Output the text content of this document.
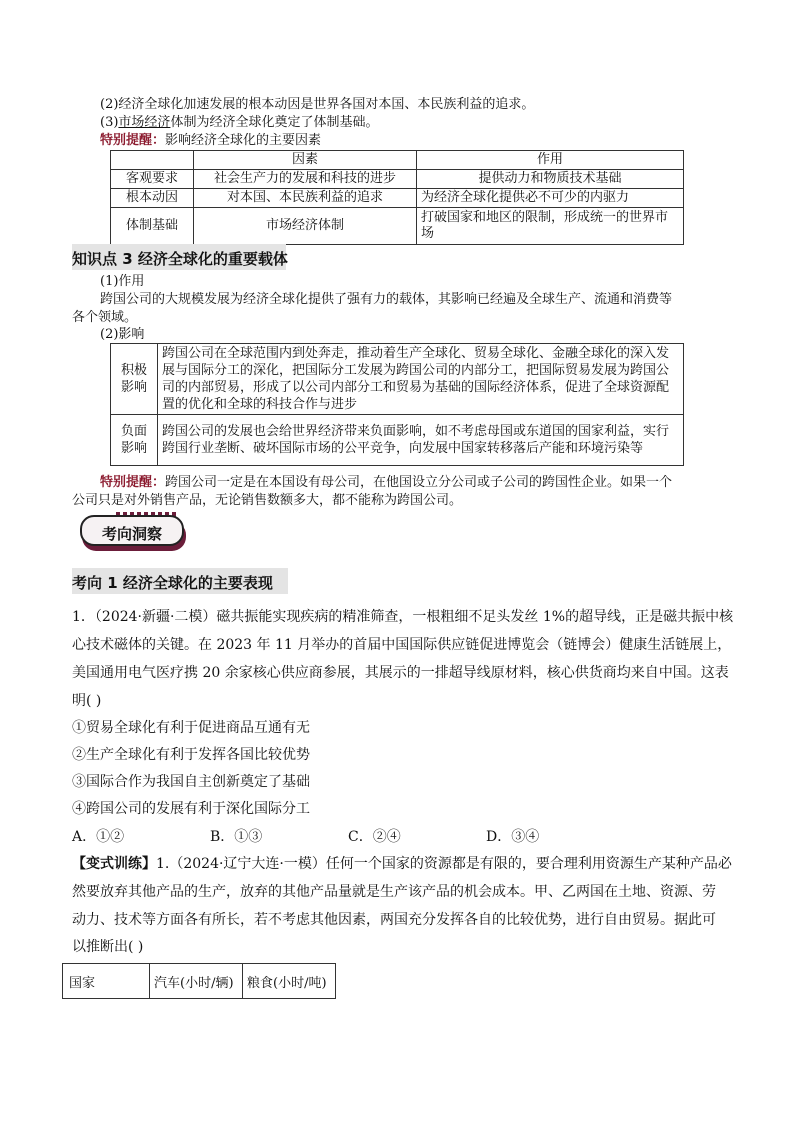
(2)经济全球化加速发展的根本动因是世界各国对本国、本民族利益的追求。
(3)市场经济体制为经济全球化奠定了体制基础。
特别提醒：影响经济全球化的主要因素
	因素	作用
客观要求	社会生产力的发展和科技的进步	提供动力和物质技术基础
根本动因	对本国、本民族利益的追求	为经济全球化提供必不可少的内驱力
体制基础	市场经济体制	打破国家和地区的限制，形成统一的世界市场
知识点 3 经济全球化的重要载体
(1)作用
跨国公司的大规模发展为经济全球化提供了强有力的载体，其影响已经遍及全球生产、流通和消费等
各个领域。
(2)影响
积极影响	跨国公司在全球范围内到处奔走，推动着生产全球化、贸易全球化、金融全球化的深入发展与国际分工的深化，把国际分工发展为跨国公司的内部分工，把国际贸易发展为跨国公司的内部贸易，形成了以公司内部分工和贸易为基础的国际经济体系，促进了全球资源配置的优化和全球的科技合作与进步
负面影响	跨国公司的发展也会给世界经济带来负面影响，如不考虑母国或东道国的国家利益，实行跨国行业垄断、破坏国际市场的公平竞争，向发展中国家转移落后产能和环境污染等
特别提醒：跨国公司一定是在本国设有母公司，在他国设立分公司或子公司的跨国性企业。如果一个
公司只是对外销售产品，无论销售数额多大，都不能称为跨国公司。
考向洞察
考向 1 经济全球化的主要表现
1．（2024·新疆·二模）磁共振能实现疾病的精准筛查，一根粗细不足头发丝 1%的超导线，正是磁共振中核
心技术磁体的关键。在 2023 年 11 月举办的首届中国国际供应链促进博览会（链博会）健康生活链展上，
美国通用电气医疗携 20 余家核心供应商参展，其展示的一排超导线原材料，核心供货商均来自中国。这表
明( )
①贸易全球化有利于促进商品互通有无
②生产全球化有利于发挥各国比较优势
③国际合作为我国自主创新奠定了基础
④跨国公司的发展有利于深化国际分工
A．①②	B．①③	C．②④	D．③④
【变式训练】1.（2024·辽宁大连·一模）任何一个国家的资源都是有限的，要合理利用资源生产某种产品必
然要放弃其他产品的生产，放弃的其他产品量就是生产该产品的机会成本。甲、乙两国在土地、资源、劳
动力、技术等方面各有所长，若不考虑其他因素，两国充分发挥各自的比较优势，进行自由贸易。据此可
以推断出( )
国家	汽车(小时/辆)	粮食(小时/吨)
